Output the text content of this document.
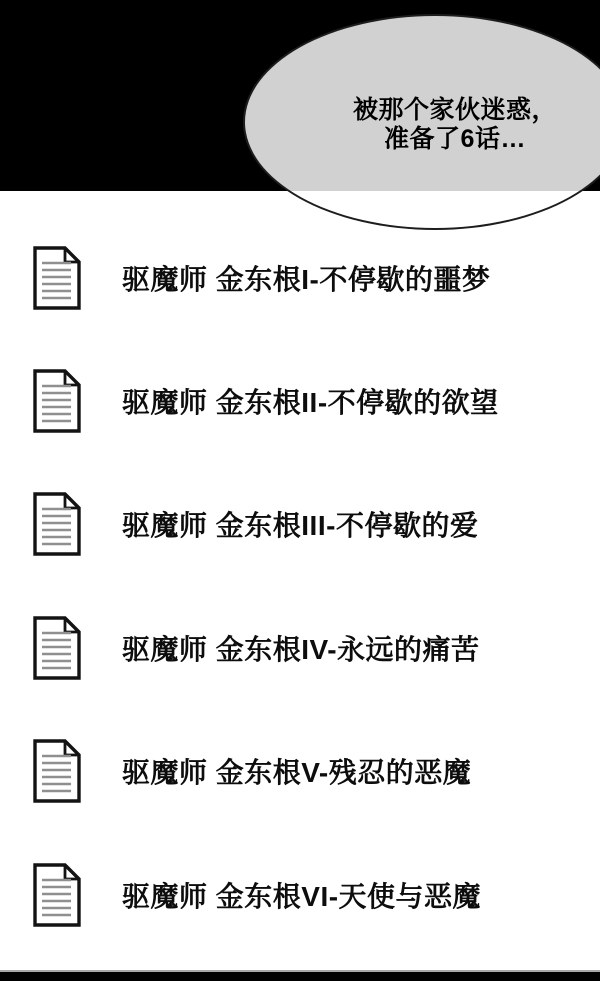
被那个家伙迷惑，
准备了6话…
驱魔师 金东根I-不停歇的噩梦
驱魔师 金东根II-不停歇的欲望
驱魔师 金东根III-不停歇的爱
驱魔师 金东根IV-永远的痛苦
驱魔师 金东根V-残忍的恶魔
驱魔师 金东根VI-天使与恶魔
